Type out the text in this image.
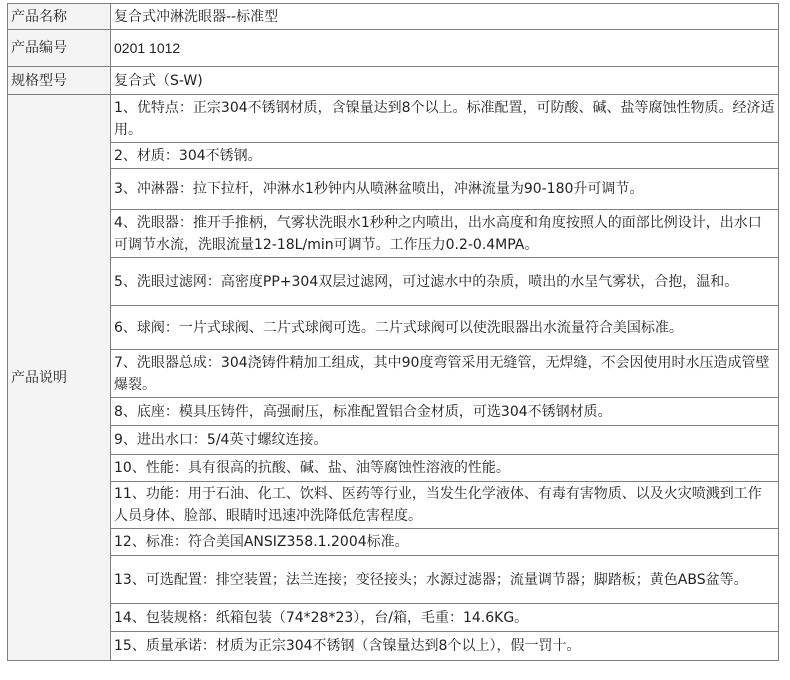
产品名称	复合式冲淋洗眼器--标准型
产品编号	0201 1012
规格型号	复合式（S-W)
产品说明	1、优特点：正宗304不锈钢材质，含镍量达到8个以上。标准配置，可防酸、碱、盐等腐蚀性物质。经济适用。
	2、材质：304不锈钢。
	3、冲淋器：拉下拉杆，冲淋水1秒钟内从喷淋盆喷出，冲淋流量为90-180升可调节。
	4、洗眼器：推开手推柄，气雾状洗眼水1秒种之内喷出，出水高度和角度按照人的面部比例设计，出水口可调节水流，洗眼流量12-18L/min可调节。工作压力0.2-0.4MPA。
	5、洗眼过滤网：高密度PP+304双层过滤网，可过滤水中的杂质，喷出的水呈气雾状，合抱，温和。
	6、球阀：一片式球阀、二片式球阀可选。二片式球阀可以使洗眼器出水流量符合美国标准。
	7、洗眼器总成：304浇铸件精加工组成，其中90度弯管采用无缝管，无焊缝，不会因使用时水压造成管壁爆裂。
	8、底座：模具压铸件，高强耐压，标准配置铝合金材质，可选304不锈钢材质。
	9、进出水口：5/4英寸螺纹连接。
	10、性能：具有很高的抗酸、碱、盐、油等腐蚀性溶液的性能。
	11、功能：用于石油、化工、饮料、医药等行业，当发生化学液体、有毒有害物质、以及火灾喷溅到工作人员身体、脸部、眼睛时迅速冲洗降低危害程度。
	12、标准：符合美国ANSIZ358.1.2004标准。
	13、可选配置：排空装置；法兰连接；变径接头；水源过滤器；流量调节器；脚踏板；黄色ABS盆等。
	14、包装规格：纸箱包装（74*28*23），台/箱，毛重：14.6KG。
	15、质量承诺：材质为正宗304不锈钢（含镍量达到8个以上），假一罚十。
